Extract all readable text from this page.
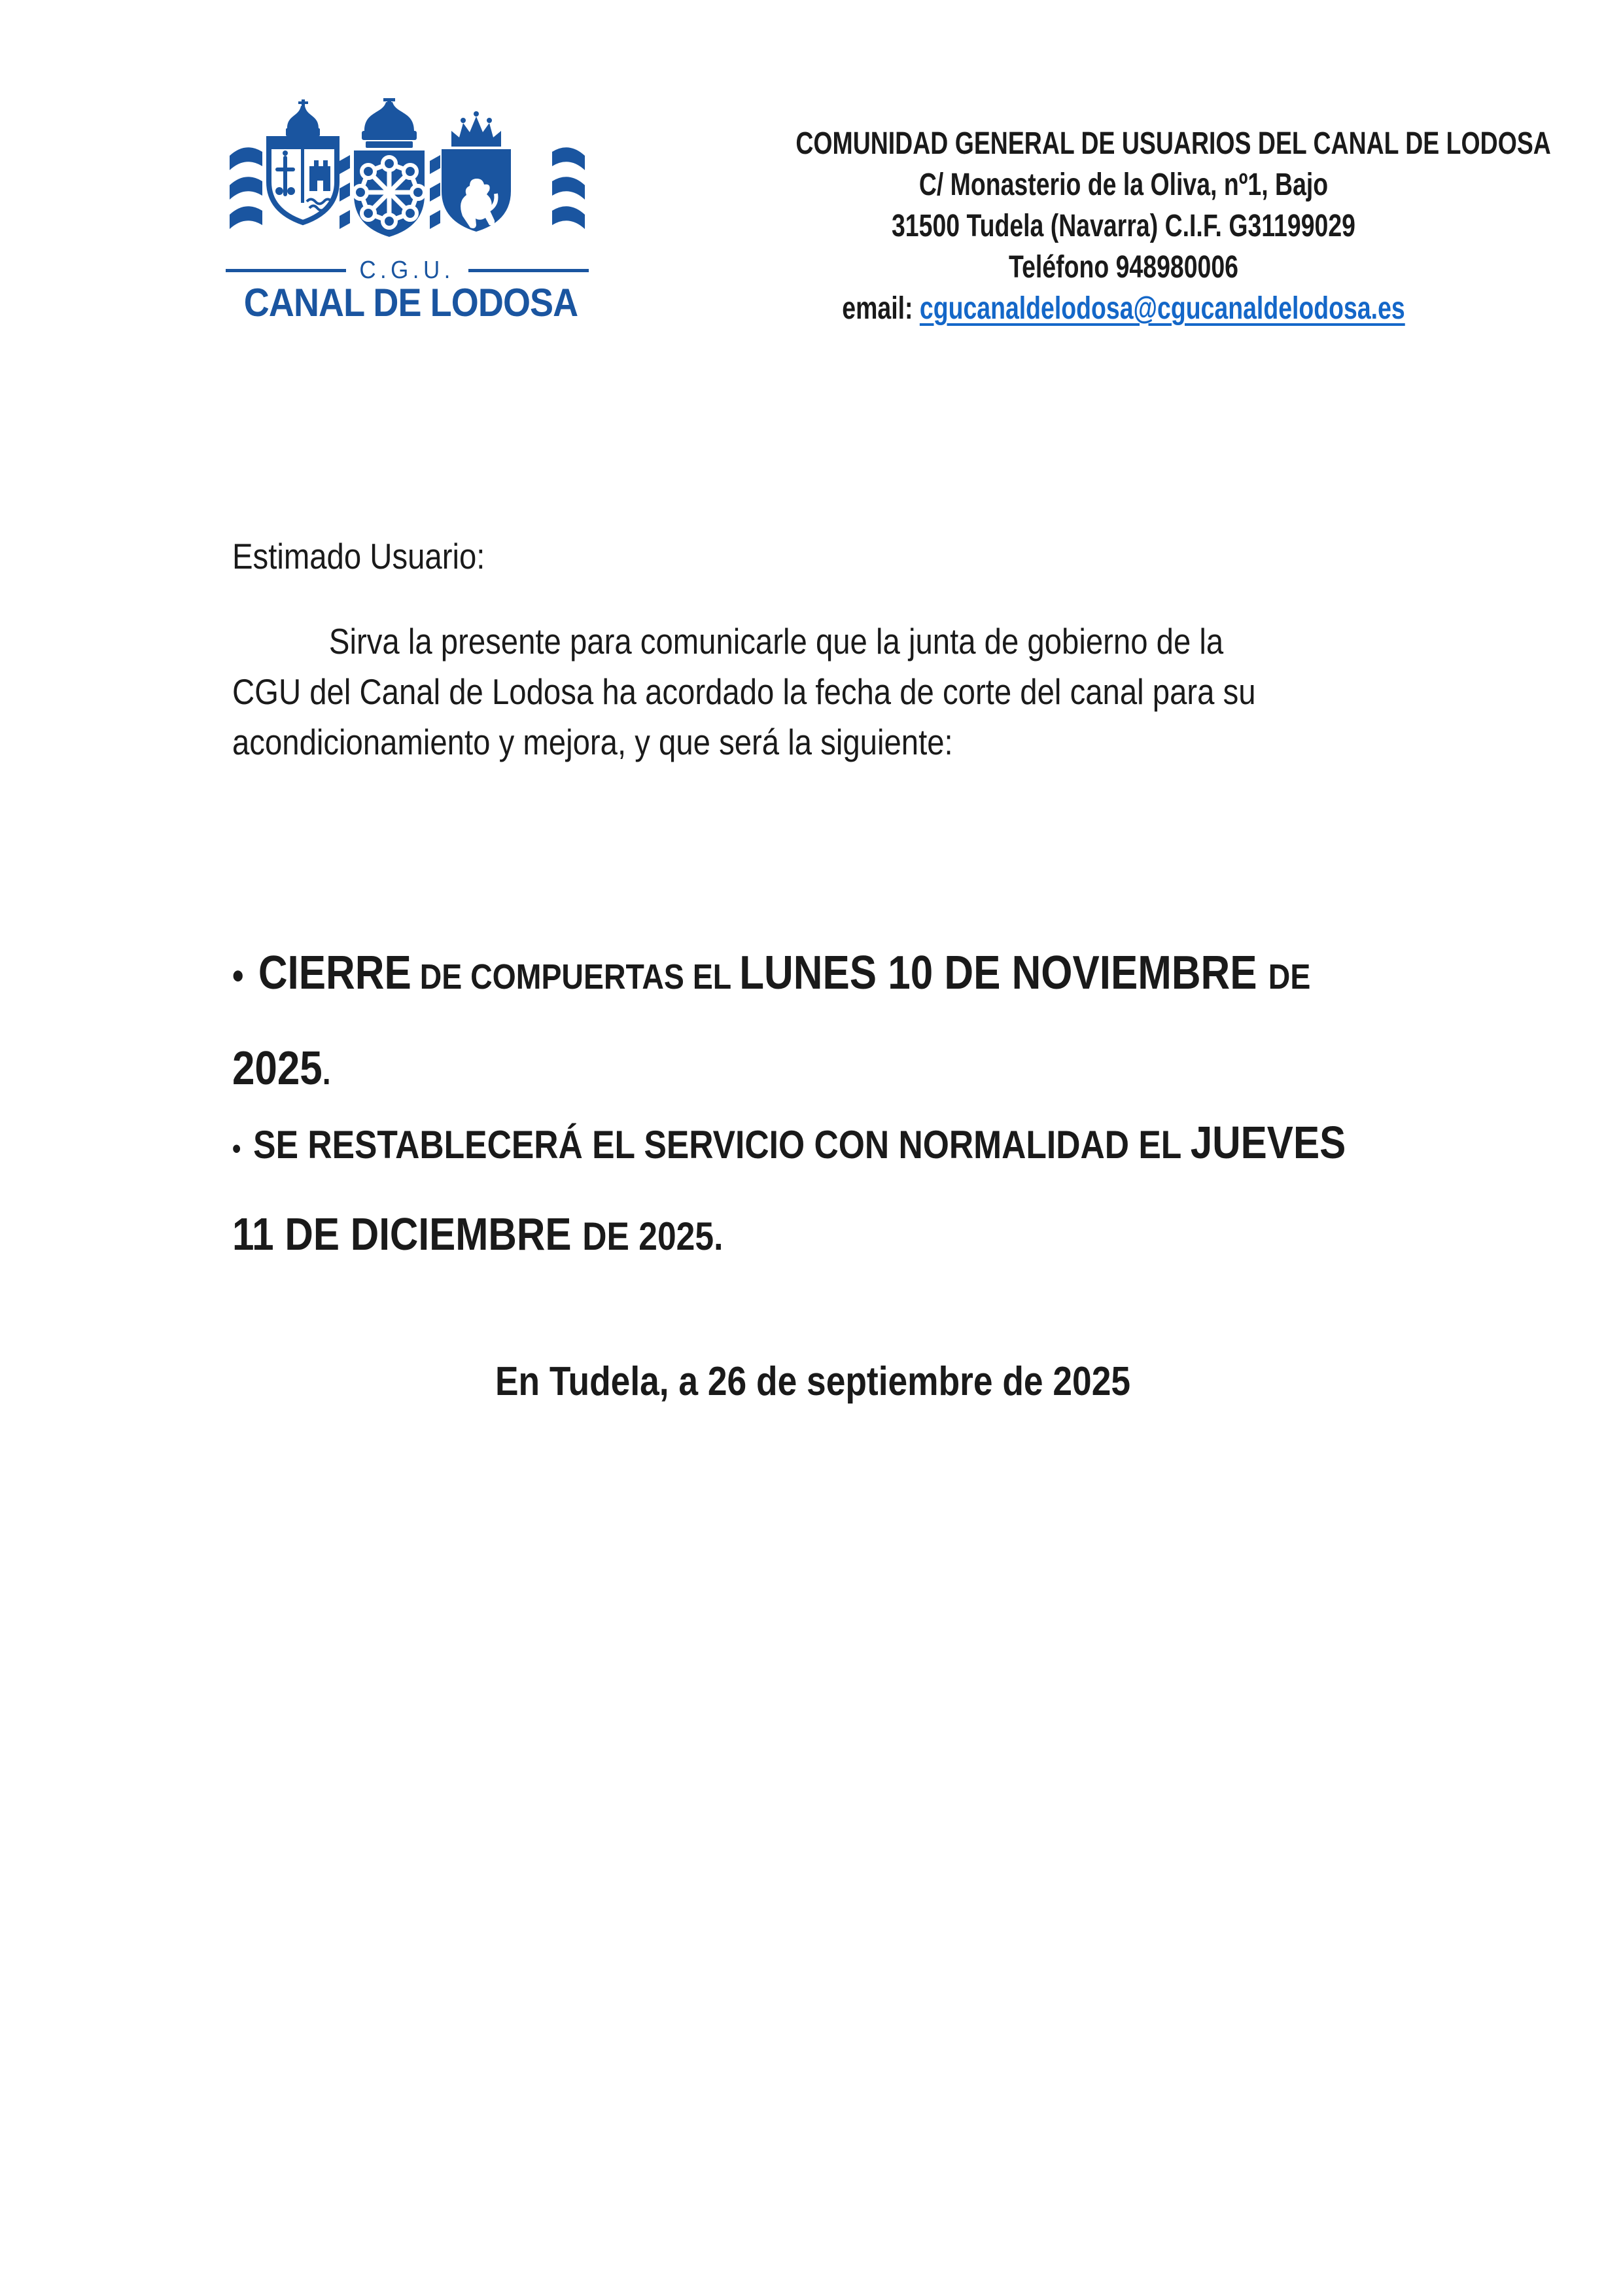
C.G.U.
CANAL DE LODOSA
COMUNIDAD GENERAL DE USUARIOS DEL CANAL DE LODOSA
C/ Monasterio de la Oliva, nº1, Bajo
31500 Tudela (Navarra) C.I.F. G31199029
Teléfono 948980006
email: cgucanaldelodosa@cgucanaldelodosa.es
Estimado Usuario:
Sirva la presente para comunicarle que la junta de gobierno de la
CGU del Canal de Lodosa ha acordado la fecha de corte del canal para su
acondicionamiento y mejora, y que será la siguiente:
• CIERRE DE COMPUERTAS EL LUNES 10 DE NOVIEMBRE DE
2025.
• SE RESTABLECERÁ EL SERVICIO CON NORMALIDAD EL JUEVES
11 DE DICIEMBRE DE 2025.
En Tudela, a 26 de septiembre de 2025
